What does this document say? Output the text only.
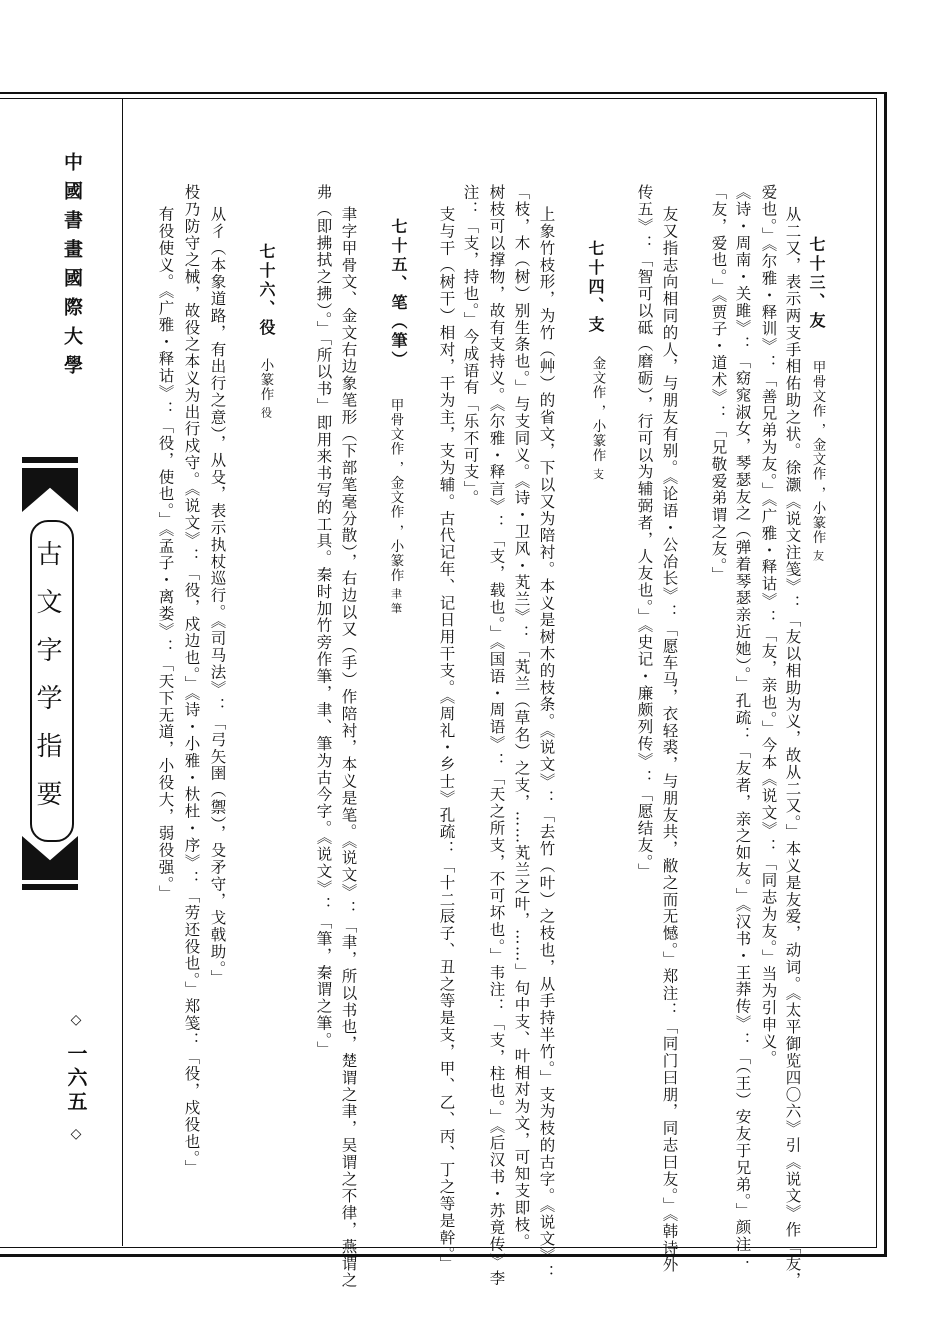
中國書畫國際大學
古文字学指要
◇ 一六五 ◇
七十三、友
甲骨文作 ，金文作 ，小篆作 友
从二又，表示两支手相佑助之状。徐灏《说文注笺》：「友以相助为义，故从二又。」本义是友爱，动词。《太平御览四〇六》引《说文》作「友，
爱也。」《尔雅・释训》：「善兄弟为友。」《广雅・释诂》：「友，亲也。」今本《说文》：「同志为友。」当为引申义。
《诗・周南・关雎》：「窈窕淑女，琴瑟友之（弹着琴瑟亲近她）。」孔疏：「友者，亲之如友。」《汉书・王莽传》：「（王）安友于兄弟。」颜注：
「友，爱也。」《贾子・道术》：「兄敬爱弟谓之友。」
友又指志向相同的人，与朋友有别。《论语・公冶长》：「愿车马，衣轻裘，与朋友共，敝之而无憾。」郑注：「同门曰朋，同志曰友。」《韩诗外
传五》：「智可以砥（磨砺），行可以为辅弼者，人友也。」《史记・廉颇列传》：「愿结友。」
七十四、支
金文作 ，小篆作 支
上象竹枝形，为竹（艸）的省文，下以又为陪衬。本义是树木的枝条。《说文》：「去竹（叶）之枝也，从手持半竹。」支为枝的古字。《说文》：
「枝，木（树）别生条也。」与支同义。《诗・卫风・芄兰》：「芄兰（草名）之支，……芄兰之叶，……」句中支、叶相对为文，可知支即枝。
树枝可以撑物，故有支持义。《尔雅・释言》：「支，载也。」《国语・周语》：「天之所支，不可坏也。」韦注：「支，柱也。」《后汉书・苏竟传》李
注：「支，持也。」今成语有「乐不可支」。
支与干（树干）相对，干为主，支为辅。古代记年、记日用干支。《周礼・乡士》孔疏：「十二辰子、丑之等是支，甲、乙、丙、丁之等是幹。」
七十五、笔（筆）
甲骨文作 ，金文作 ，小篆作 聿 筆
聿字甲骨文、金文右边象笔形（下部笔毫分散），右边以又（手）作陪衬，本义是笔。《说文》：「聿，所以书也，楚谓之聿，吴谓之不律，燕谓之
弗（即拂拭之拂）。」「所以书」即用来书写的工具。秦时加竹旁作筆，聿、筆为古今字。《说文》：「筆，秦谓之筆。」
七十六、役
小篆作 役
从彳（本象道路，有出行之意），从殳，表示执杖巡行。《司马法》：「弓矢圉（禦），殳矛守，戈戟助。」
杸乃防守之械，故役之本义为出行戍守。《说文》：「役，戍边也。」《诗・小雅・杕杜・序》：「劳还役也。」郑笺：「役，戍役也。」
有役使义。《广雅・释诂》：「役，使也。」《孟子・离娄》：「天下无道，小役大，弱役强。」
